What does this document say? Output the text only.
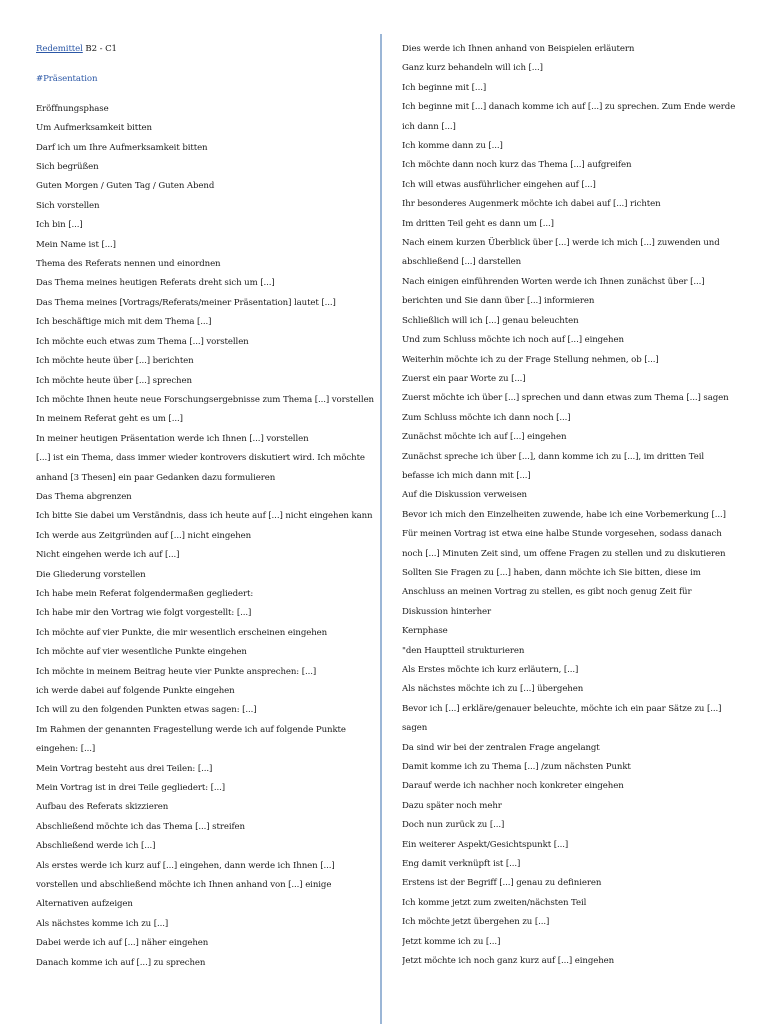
Redemittel B2 - C1
#Präsentation
Eröffnungsphase
Um Aufmerksamkeit bitten
Darf ich um Ihre Aufmerksamkeit bitten
Sich begrüßen
Guten Morgen / Guten Tag / Guten Abend
Sich vorstellen
Ich bin [...]
Mein Name ist [...]
Thema des Referats nennen und einordnen
Das Thema meines heutigen Referats dreht sich um [...]
Das Thema meines [Vortrags/Referats/meiner Präsentation] lautet [...]
Ich beschäftige mich mit dem Thema [...]
Ich möchte euch etwas zum Thema [...] vorstellen
Ich möchte heute über [...] berichten
Ich möchte heute über [...] sprechen
Ich möchte Ihnen heute neue Forschungsergebnisse zum Thema [...] vorstellen
In meinem Referat geht es um [...]
In meiner heutigen Präsentation werde ich Ihnen [...] vorstellen
[...] ist ein Thema, dass immer wieder kontrovers diskutiert wird. Ich möchte
anhand [3 Thesen] ein paar Gedanken dazu formulieren
Das Thema abgrenzen
Ich bitte Sie dabei um Verständnis, dass ich heute auf [...] nicht eingehen kann
Ich werde aus Zeitgründen auf [...] nicht eingehen
Nicht eingehen werde ich auf [...]
Die Gliederung vorstellen
Ich habe mein Referat folgendermaßen gegliedert:
Ich habe mir den Vortrag wie folgt vorgestellt: [...]
Ich möchte auf vier Punkte, die mir wesentlich erscheinen eingehen
Ich möchte auf vier wesentliche Punkte eingehen
Ich möchte in meinem Beitrag heute vier Punkte ansprechen: [...]
ich werde dabei auf folgende Punkte eingehen
Ich will zu den folgenden Punkten etwas sagen: [...]
Im Rahmen der genannten Fragestellung werde ich auf folgende Punkte
eingehen: [...]
Mein Vortrag besteht aus drei Teilen: [...]
Mein Vortrag ist in drei Teile gegliedert: [...]
Aufbau des Referats skizzieren
Abschließend möchte ich das Thema [...] streifen
Abschließend werde ich [...]
Als erstes werde ich kurz auf [...] eingehen, dann werde ich Ihnen [...]
vorstellen und abschließend möchte ich Ihnen anhand von [...] einige
Alternativen aufzeigen
Als nächstes komme ich zu [...]
Dabei werde ich auf [...] näher eingehen
Danach komme ich auf [...] zu sprechen
Dies werde ich Ihnen anhand von Beispielen erläutern
Ganz kurz behandeln will ich [...]
Ich beginne mit [...]
Ich beginne mit [...] danach komme ich auf [...] zu sprechen. Zum Ende werde
ich dann [...]
Ich komme dann zu [...]
Ich möchte dann noch kurz das Thema [...] aufgreifen
Ich will etwas ausführlicher eingehen auf [...]
Ihr besonderes Augenmerk möchte ich dabei auf [...] richten
Im dritten Teil geht es dann um [...]
Nach einem kurzen Überblick über [...] werde ich mich [...] zuwenden und
abschließend [...] darstellen
Nach einigen einführenden Worten werde ich Ihnen zunächst über [...]
berichten und Sie dann über [...] informieren
Schließlich will ich [...] genau beleuchten
Und zum Schluss möchte ich noch auf [...] eingehen
Weiterhin möchte ich zu der Frage Stellung nehmen, ob [...]
Zuerst ein paar Worte zu [...]
Zuerst möchte ich über [...] sprechen und dann etwas zum Thema [...] sagen
Zum Schluss möchte ich dann noch [...]
Zunächst möchte ich auf [...] eingehen
Zunächst spreche ich über [...], dann komme ich zu [...], im dritten Teil
befasse ich mich dann mit [...]
Auf die Diskussion verweisen
Bevor ich mich den Einzelheiten zuwende, habe ich eine Vorbemerkung [...]
Für meinen Vortrag ist etwa eine halbe Stunde vorgesehen, sodass danach
noch [...] Minuten Zeit sind, um offene Fragen zu stellen und zu diskutieren
Sollten Sie Fragen zu [...] haben, dann möchte ich Sie bitten, diese im
Anschluss an meinen Vortrag zu stellen, es gibt noch genug Zeit für
Diskussion hinterher
Kernphase
"den Hauptteil strukturieren
Als Erstes möchte ich kurz erläutern, [...]
Als nächstes möchte ich zu [...] übergehen
Bevor ich [...] erkläre/genauer beleuchte, möchte ich ein paar Sätze zu [...]
sagen
Da sind wir bei der zentralen Frage angelangt
Damit komme ich zu Thema [...] /zum nächsten Punkt
Darauf werde ich nachher noch konkreter eingehen
Dazu später noch mehr
Doch nun zurück zu [...]
Ein weiterer Aspekt/Gesichtspunkt [...]
Eng damit verknüpft ist [...]
Erstens ist der Begriff [...] genau zu definieren
Ich komme jetzt zum zweiten/nächsten Teil
Ich möchte jetzt übergehen zu [...]
Jetzt komme ich zu [...]
Jetzt möchte ich noch ganz kurz auf [...] eingehen
